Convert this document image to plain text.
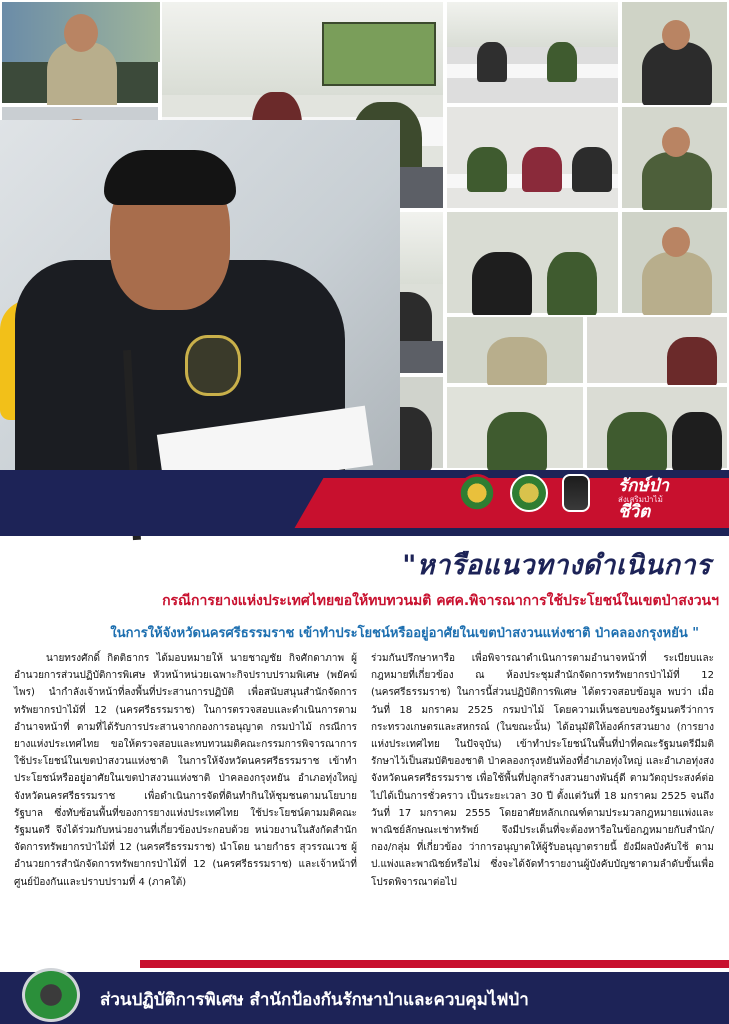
รักษ์ป่า
ส่งเสริมป่าไม้
ชีวิต
"หารือแนวทางดำเนินการ
กรณีการยางแห่งประเทศไทยขอให้ทบทวนมติ คศค.พิจารณาการใช้ประโยชน์ในเขตป่าสงวนฯ
ในการให้จังหวัดนครศรีธรรมราช เข้าทำประโยชน์หรืออยู่อาศัยในเขตป่าสงวนแห่งชาติ ป่าคลองกรุงหยัน "

นายทรงศักดิ์ กิตติธากร ได้มอบหมายให้ นายชาญชัย กิจศักดาภาพ ผู้อำนวยการส่วนปฏิบัติการพิเศษ หัวหน้าหน่วยเฉพาะกิจปราบปรามพิเศษ (พยัคฆ์ไพร) นำกำลังเจ้าหน้าที่ลงพื้นที่ประสานการปฏิบัติ เพื่อสนับสนุนสำนักจัดการทรัพยากรป่าไม้ที่ 12 (นครศรีธรรมราช) ในการตรวจสอบและดำเนินการตามอำนาจหน้าที่ ตามที่ได้รับการประสานจากกองการอนุญาต กรมป่าไม้ กรณีการยางแห่งประเทศไทย ขอให้ตรวจสอบและทบทวนมติคณะกรรมการพิจารณาการใช้ประโยชน์ในเขตป่าสงวนแห่งชาติ ในการให้จังหวัดนครศรีธรรมราช เข้าทำประโยชน์หรืออยู่อาศัยในเขตป่าสงวนแห่งชาติ ป่าคลองกรุงหยัน อำเภอทุ่งใหญ่ จังหวัดนครศรีธรรมราช เพื่อดำเนินการจัดที่ดินทำกินให้ชุมชนตามนโยบายรัฐบาล ซึ่งทับซ้อนพื้นที่ของการยางแห่งประเทศไทย ใช้ประโยชน์ตามมติคณะรัฐมนตรี จึงได้ร่วมกับหน่วยงานที่เกี่ยวข้องประกอบด้วย หน่วยงานในสังกัดสำนักจัดการทรัพยากรป่าไม้ที่ 12 (นครศรีธรรมราช) นำโดย นายกำธร สุวรรณเวช ผู้อำนวยการสำนักจัดการทรัพยากรป่าไม้ที่ 12 (นครศรีธรรมราช) และเจ้าหน้าที่ศูนย์ป้องกันและปราบปรามที่ 4 (ภาคใต้)

ร่วมกันปรึกษาหารือ เพื่อพิจารณาดำเนินการตามอำนาจหน้าที่ ระเบียบและกฎหมายที่เกี่ยวข้อง ณ ห้องประชุมสำนักจัดการทรัพยากรป่าไม้ที่ 12 (นครศรีธรรมราช) ในการนี้ส่วนปฏิบัติการพิเศษ ได้ตรวจสอบข้อมูล พบว่า เมื่อวันที่ 18 มกราคม 2525 กรมป่าไม้ โดยความเห็นชอบของรัฐมนตรีว่าการกระทรวงเกษตรและสหกรณ์ (ในขณะนั้น) ได้อนุมัติให้องค์กรสวนยาง (การยางแห่งประเทศไทย ในปัจจุบัน) เข้าทำประโยชน์ในพื้นที่ป่าที่คณะรัฐมนตรีมีมติรักษาไว้เป็นสมบัติของชาติ ป่าคลองกรุงหยันท้องที่อำเภอทุ่งใหญ่ และอำเภอทุ่งสง จังหวัดนครศรีธรรมราช เพื่อใช้พื้นที่ปลูกสร้างสวนยางพันธุ์ดี ตามวัตถุประสงค์ต่อไปได้เป็นการชั่วคราว เป็นระยะเวลา 30 ปี ตั้งแต่วันที่ 18 มกราคม 2525 จนถึงวันที่ 17 มกราคม 2555 โดยอาศัยหลักเกณฑ์ตามประมวลกฎหมายแพ่งและพาณิชย์ลักษณะเช่าทรัพย์ จึงมีประเด็นที่จะต้องหารือในข้อกฎหมายกับสำนัก/กอง/กลุ่ม ที่เกี่ยวข้อง ว่าการอนุญาตให้ผู้รับอนุญาตรายนี้ ยังมีผลบังคับใช้ ตาม ป.แพ่งและพาณิชย์หรือไม่ ซึ่งจะได้จัดทำรายงานผู้บังคับบัญชาตามลำดับขั้นเพื่อโปรดพิจารณาต่อไป

ส่วนปฏิบัติการพิเศษ สำนักป้องกันรักษาป่าและควบคุมไฟป่า
